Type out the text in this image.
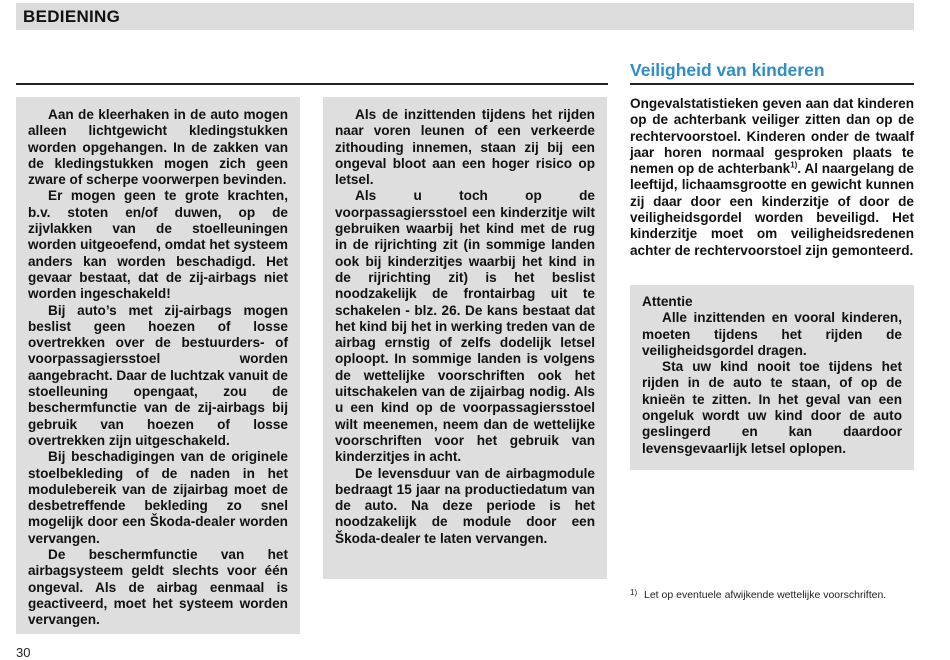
BEDIENING
Veiligheid van kinderen

Aan de kleerhaken in de auto mogen alleen lichtgewicht kledingstukken worden opgehangen. In de zakken van de kledingstukken mogen zich geen zware of scherpe voorwerpen bevinden.

Er mogen geen te grote krachten, b.v. stoten en/of duwen, op de zijvlakken van de stoelleuningen worden uitgeoefend, omdat het systeem anders kan worden beschadigd. Het gevaar bestaat, dat de zij-airbags niet worden ingeschakeld!

Bij auto’s met zij-airbags mogen beslist geen hoezen of losse overtrekken over de bestuurders- of voorpassagiersstoel worden aangebracht. Daar de luchtzak vanuit de stoelleuning opengaat, zou de beschermfunctie van de zij-airbags bij gebruik van hoezen of losse overtrekken zijn uitgeschakeld.

Bij beschadigingen van de originele stoelbekleding of de naden in het modulebereik van de zijairbag moet de desbetreffende bekleding zo snel mogelijk door een Škoda-dealer worden vervangen.

De beschermfunctie van het airbagsysteem geldt slechts voor één ongeval. Als de airbag eenmaal is geactiveerd, moet het systeem worden vervangen.

Als de inzittenden tijdens het rijden naar voren leunen of een verkeerde zithouding innemen, staan zij bij een ongeval bloot aan een hoger risico op letsel.

Als u toch op de voorpassagiersstoel een kinderzitje wilt gebruiken waarbij het kind met de rug in de rijrichting zit (in sommige landen ook bij kinderzitjes waarbij het kind in de rijrichting zit) is het beslist noodzakelijk de frontairbag uit te schakelen - blz. 26. De kans bestaat dat het kind bij het in werking treden van de airbag ernstig of zelfs dodelijk letsel oploopt. In sommige landen is volgens de wettelijke voorschriften ook het uitschakelen van de zijairbag nodig. Als u een kind op de voorpassagiersstoel wilt meenemen, neem dan de wettelijke voorschriften voor het gebruik van kinderzitjes in acht.

De levensduur van de airbagmodule bedraagt 15 jaar na productiedatum van de auto. Na deze periode is het noodzakelijk de module door een Škoda-dealer te laten vervangen.

Ongevalstatistieken geven aan dat kinderen op de achterbank veiliger zitten dan op de rechtervoorstoel. Kinderen onder de twaalf jaar horen normaal gesproken plaats te nemen op de achterbank$^{1)}$. Al naargelang de leeftijd, lichaamsgrootte en gewicht kunnen zij daar door een kinderzitje of door de veiligheidsgordel worden beveiligd. Het kinderzitje moet om veiligheidsredenen achter de rechtervoorstoel zijn gemonteerd.
Attentie

Alle inzittenden en vooral kinderen, moeten tijdens het rijden de veiligheidsgordel dragen.

Sta uw kind nooit toe tijdens het rijden in de auto te staan, of op de knieën te zitten. In het geval van een ongeluk wordt uw kind door de auto geslingerd en kan daardoor levensgevaarlijk letsel oplopen.

1) Let op eventuele afwijkende wettelijke voorschriften.
30
